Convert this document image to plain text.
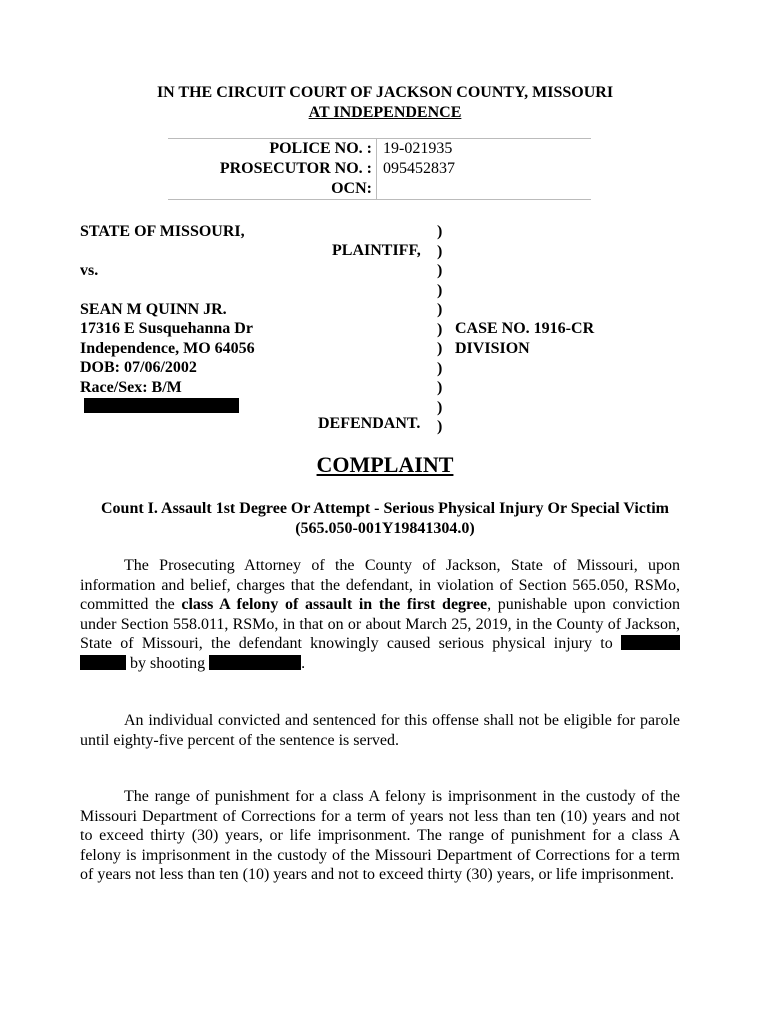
IN THE CIRCUIT COURT OF JACKSON COUNTY, MISSOURI
AT INDEPENDENCE
POLICE NO. :	19-021935
PROSECUTOR NO. :	095452837
OCN:	
STATE OF MISSOURI,
PLAINTIFF,
vs.
SEAN M QUINN JR.
17316 E Susquehanna Dr
Independence, MO 64056
DOB: 07/06/2002
Race/Sex: B/M
DEFENDANT.
)
)
)
)
)
)
)
)
)
)
)
CASE NO. 1916-CR
DIVISION
COMPLAINT
Count I. Assault 1st Degree Or Attempt - Serious Physical Injury Or Special Victim
(565.050-001Y19841304.0)
The Prosecuting Attorney of the County of Jackson, State of Missouri, upon
information and belief, charges that the defendant, in violation of Section 565.050, RSMo,
committed the class A felony of assault in the first degree, punishable upon conviction
under Section 558.011, RSMo, in that on or about March 25, 2019, in the County of Jackson,
State of Missouri, the defendant knowingly caused serious physical injury to
by shooting	.
An individual convicted and sentenced for this offense shall not be eligible for parole
until eighty-five percent of the sentence is served.
The range of punishment for a class A felony is imprisonment in the custody of the
Missouri Department of Corrections for a term of years not less than ten (10) years and not
to exceed thirty (30) years, or life imprisonment. The range of punishment for a class A
felony is imprisonment in the custody of the Missouri Department of Corrections for a term
of years not less than ten (10) years and not to exceed thirty (30) years, or life imprisonment.
